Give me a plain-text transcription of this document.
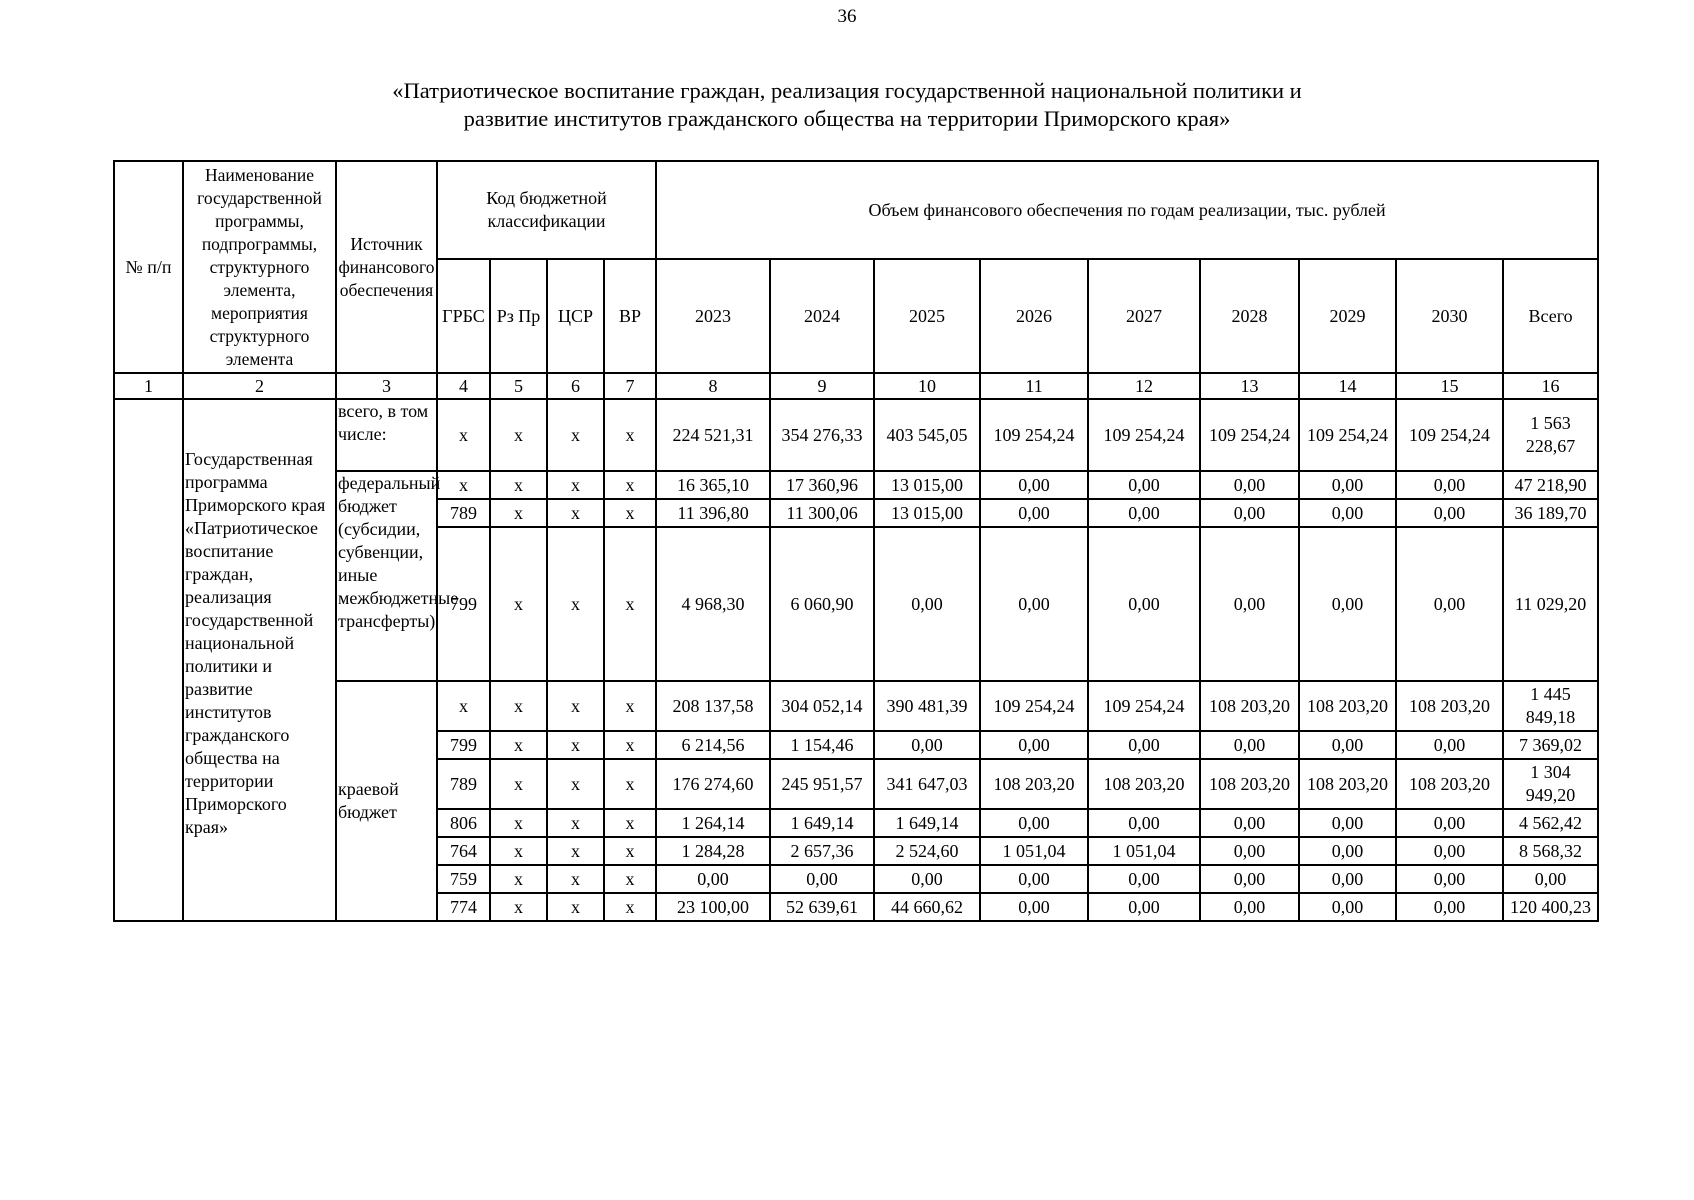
36
«Патриотическое воспитание граждан, реализация государственной национальной политики и
развитие институтов гражданского общества на территории Приморского края»
№ п/п	Наименование государственной программы, подпрограммы, структурного элемента, мероприятия структурного элемента	Источник финансового обеспечения	Код бюджетной классификации				Объем финансового обеспечения по годам реализации, тыс. рублей								
			ГРБС	Рз Пр	ЦСР	ВР	2023	2024	2025	2026	2027	2028	2029	2030	Всего
1	2	3	4	5	6	7	8	9	10	11	12	13	14	15	16
	Государственная программа Приморского края «Патриотическое воспитание граждан, реализация государственной национальной политики и развитие институтов гражданского общества на территории Приморского края»	всего, в том числе:	x	x	x	x	224 521,31	354 276,33	403 545,05	109 254,24	109 254,24	109 254,24	109 254,24	109 254,24	1 563 228,67
		федеральный бюджет (субсидии, субвенции, иные межбюджетные трансферты)	x	x	x	x	16 365,10	17 360,96	13 015,00	0,00	0,00	0,00	0,00	0,00	47 218,90
			789	x	x	x	11 396,80	11 300,06	13 015,00	0,00	0,00	0,00	0,00	0,00	36 189,70
			799	x	x	x	4 968,30	6 060,90	0,00	0,00	0,00	0,00	0,00	0,00	11 029,20
		краевой бюджет	x	x	x	x	208 137,58	304 052,14	390 481,39	109 254,24	109 254,24	108 203,20	108 203,20	108 203,20	1 445 849,18
			799	x	x	x	6 214,56	1 154,46	0,00	0,00	0,00	0,00	0,00	0,00	7 369,02
			789	x	x	x	176 274,60	245 951,57	341 647,03	108 203,20	108 203,20	108 203,20	108 203,20	108 203,20	1 304 949,20
			806	x	x	x	1 264,14	1 649,14	1 649,14	0,00	0,00	0,00	0,00	0,00	4 562,42
			764	x	x	x	1 284,28	2 657,36	2 524,60	1 051,04	1 051,04	0,00	0,00	0,00	8 568,32
			759	x	x	x	0,00	0,00	0,00	0,00	0,00	0,00	0,00	0,00	0,00
			774	x	x	x	23 100,00	52 639,61	44 660,62	0,00	0,00	0,00	0,00	0,00	120 400,23
